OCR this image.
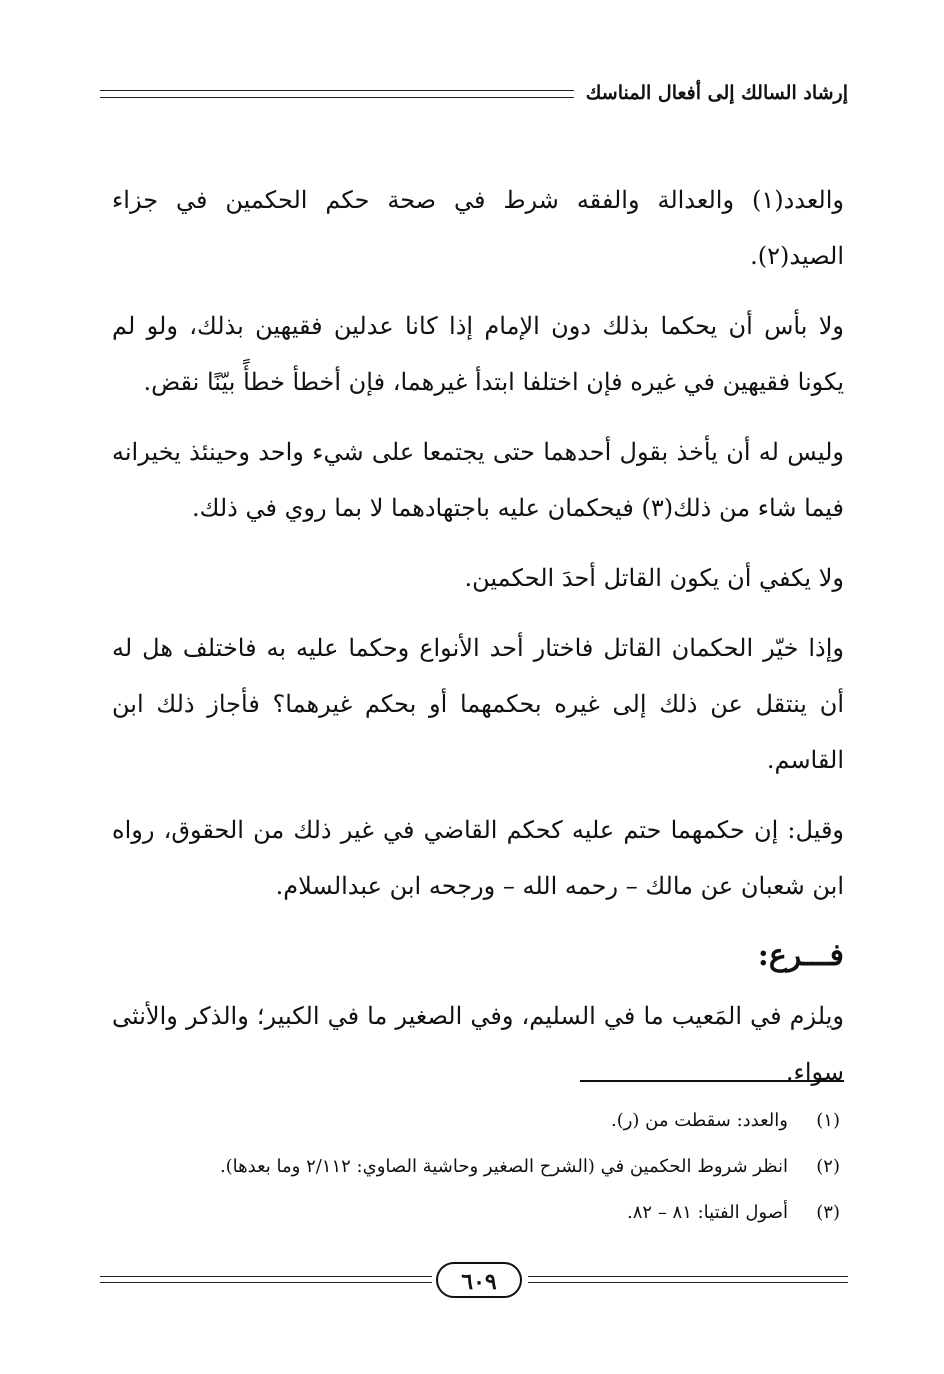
إرشاد السالك إلى أفعال المناسك

والعدد(١) والعدالة والفقه شرط في صحة حكم الحكمين في جزاء الصيد(٢).

ولا بأس أن يحكما بذلك دون الإمام إذا كانا عدلين فقيهين بذلك، ولو لم يكونا فقيهين في غيره فإن اختلفا ابتدأ غيرهما، فإن أخطأ خطأً بيّنًا نقض.

وليس له أن يأخذ بقول أحدهما حتى يجتمعا على شيء واحد وحينئذ يخيرانه فيما شاء من ذلك(٣) فيحكمان عليه باجتهادهما لا بما روي في ذلك.

ولا يكفي أن يكون القاتل أحدَ الحكمين.

وإذا خيّر الحكمان القاتل فاختار أحد الأنواع وحكما عليه به فاختلف هل له أن ينتقل عن ذلك إلى غيره بحكمهما أو بحكم غيرهما؟ فأجاز ذلك ابن القاسم.

وقيل: إن حكمهما حتم عليه كحكم القاضي في غير ذلك من الحقوق، رواه ابن شعبان عن مالك – رحمه الله – ورجحه ابن عبدالسلام.

فـــرع:

ويلزم في المَعيب ما في السليم، وفي الصغير ما في الكبير؛ والذكر والأنثى سواء.

(١)
والعدد: سقطت من (ر).
(٢)
انظر شروط الحكمين في (الشرح الصغير وحاشية الصاوي: ٢/١١٢ وما بعدها).
(٣)
أصول الفتيا: ٨١ – ٨٢.
٦٠٩
